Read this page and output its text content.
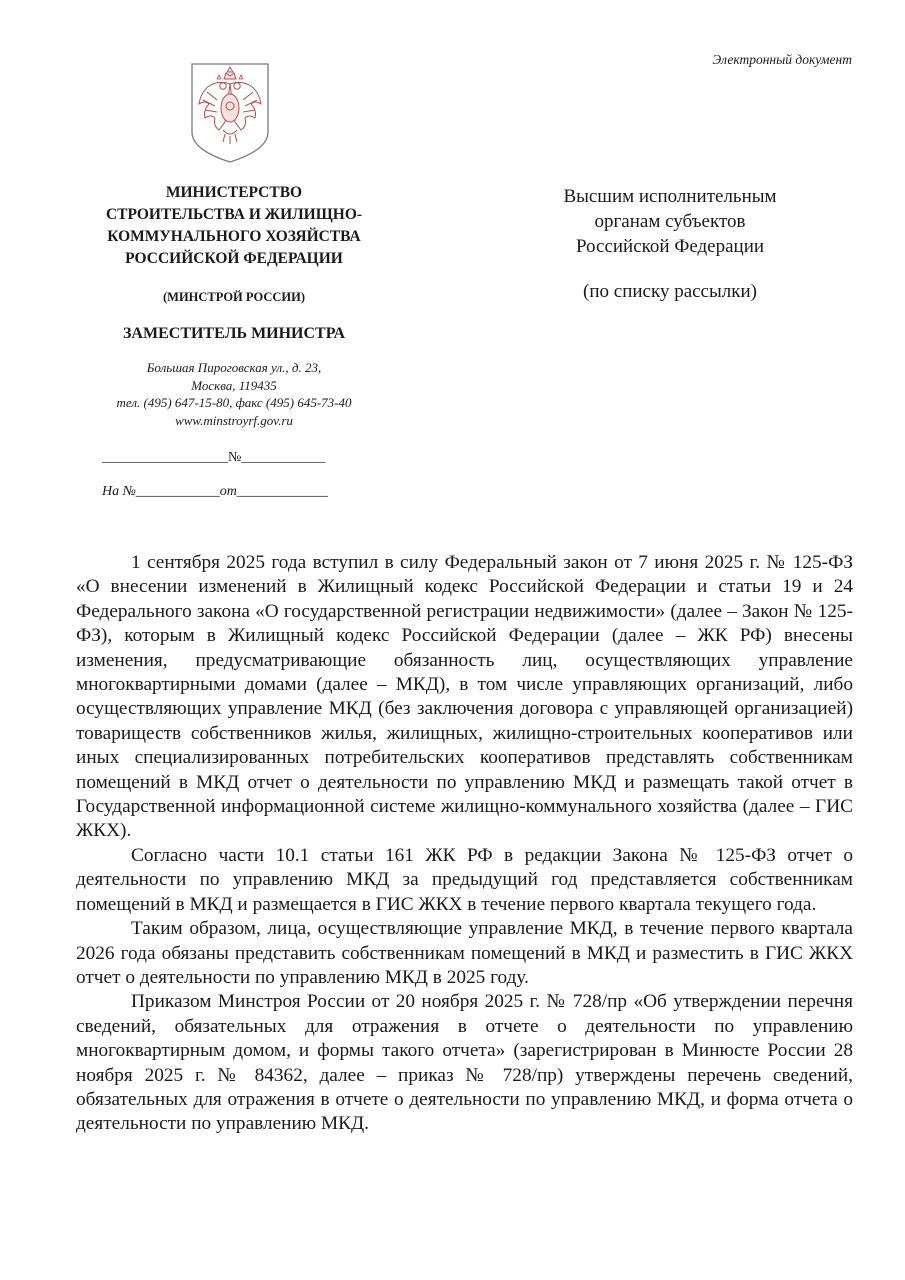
Электронный документ
МИНИСТЕРСТВО
СТРОИТЕЛЬСТВА И ЖИЛИЩНО-
КОММУНАЛЬНОГО ХОЗЯЙСТВА
РОССИЙСКОЙ ФЕДЕРАЦИИ
(МИНСТРОЙ РОССИИ)
ЗАМЕСТИТЕЛЬ МИНИСТРА
Большая Пироговская ул., д. 23,
Москва, 119435
тел. (495) 647-15-80, факс (495) 645-73-40
www.minstroyrf.gov.ru
__________________№____________
На №____________от_____________
Высшим исполнительным
органам субъектов
Российской Федерации
(по списку рассылки)

1 сентября 2025 года вступил в силу Федеральный закон от 7 июня 2025 г. № 125-ФЗ «О внесении изменений в Жилищный кодекс Российской Федерации и статьи 19 и 24 Федерального закона «О государственной регистрации недвижимости» (далее – Закон № 125-ФЗ), которым в Жилищный кодекс Российской Федерации (далее – ЖК РФ) внесены изменения, предусматривающие обязанность лиц, осуществляющих управление многоквартирными домами (далее – МКД), в том числе управляющих организаций, либо осуществляющих управление МКД (без заключения договора с управляющей организацией) товариществ собственников жилья, жилищных, жилищно-строительных кооперативов или иных специализированных потребительских кооперативов представлять собственникам помещений в МКД отчет о деятельности по управлению МКД и размещать такой отчет в Государственной информационной системе жилищно-коммунального хозяйства (далее – ГИС ЖКХ).

Согласно части 10.1 статьи 161 ЖК РФ в редакции Закона № 125-ФЗ отчет о деятельности по управлению МКД за предыдущий год представляется собственникам помещений в МКД и размещается в ГИС ЖКХ в течение первого квартала текущего года.

Таким образом, лица, осуществляющие управление МКД, в течение первого квартала 2026 года обязаны представить собственникам помещений в МКД и разместить в ГИС ЖКХ отчет о деятельности по управлению МКД в 2025 году.

Приказом Минстроя России от 20 ноября 2025 г. № 728/пр «Об утверждении перечня сведений, обязательных для отражения в отчете о деятельности по управлению многоквартирным домом, и формы такого отчета» (зарегистрирован в Минюсте России 28 ноября 2025 г. № 84362, далее – приказ № 728/пр) утверждены перечень сведений, обязательных для отражения в отчете о деятельности по управлению МКД, и форма отчета о деятельности по управлению МКД.
